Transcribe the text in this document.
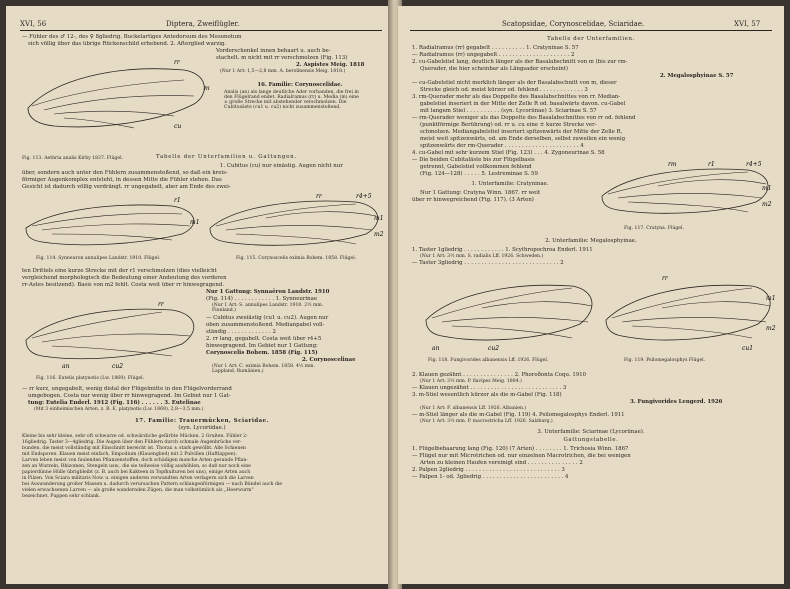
XVI, 56	Diptera, Zweiflügler.
— Fühler des ♂ 12-, des ♀ 8gliedrig. Buckelartiges Antedorsum des Mesonotum
sich völlig über das übrige Rückenschild erhebend. 2. Afterglied warzig.
Vorderschenkel innen behaart u. auch be-
stachelt. m nicht mit rr verschmolzen (Fig. 113)
2. Aspistes Meig. 1818
(Nur 1 Art: 1,5—2,8 mm. A. berolinensis Meig. 1818.)
rr
m
cu
16. Familie: Corynoscelidae.
Analis (an) als lange deutliche Ader vorhanden, die frei in
den Flügelrand endet. Radialramus (rr) u. Media (m) eine
± große Strecke mit abstehender verschmolzen. Die
Cubitusäste (cu1 u. cu2) nicht zusammenstoßend.
Fig. 113. Aethria analis Kirby 1837. Flügel.	Tabelle der Unterfamilien u. Gattungen.
1. Cubitus (cu) nur einästig. Augen nicht nur
über, sondern auch unter den Fühlern zusammenstoßend, so daß ein kreis-
förmiger Augenkomplex entsteht, in dessen Mitte die Fühler stehen. Das
Gesicht ist dadurch völlig verdrängt. rr ungegabelt, aber am Ende des zwei-
r1
m1
rr	r4+5
m1
m2
Fig. 114. Synneuron annulipes Landstr. 1910. Flügel.	Fig. 115. Corynoscelis eximia Bohem. 1858. Flügel.
ten Drittels eine kurze Strecke mit der r1 verschmolzen (dies vielleicht
vergleichend morphologisch die Bedeutung einer Andeutung des vorderen
rr-Astes besitzend). Basis von m2 fehlt. Costa weit über rr hinwegragend.
Nur 1 Gattung: Synnaëron Landstr. 1910
(Fig. 114) . . . . . . . . . . . . 1. Synneurinae
(Nur 1 Art: S. annulipes Landstr. 1910. 2½ mm.
Finnland.)
— Cubitus zweiästig (cu1 u. cu2). Augen nur
oben zusammenstoßend. Medianpabel voll-
ständig . . . . . . . . . . . . . 2
rr
an	cu2
2. rr lang, gegabelt. Costa weit über r4+5
hinwegragend. Im Gebiet nur 1 Gattung:
Corynoscelis Bohem. 1858 (Fig. 115)
2. Corynoscelinae
(Nur 1 Art: C. eximia Bohem. 1858. 4½ mm.
Lappland, Rumänien.)
Fig. 116. Eutelis platynotis (Lw. 1869). Flügel.
— rr kurz, ungegabelt, wenig distal der Flügelmitte in den Flügelvorderrand
umgebogen. Costa nur wenig über rr hinwegragend. Im Gebiet nur 1 Gat-
tung: Eutelia Enderl. 1912 (Fig. 116) . . . . . . 3. Eutelinae
(Mit 3 einheimischen Arten, z. B. E. platynotis (Lw. 1869), 2,8—3,5 mm.)
17. Familie: Trauermücken, Sciaridae.
(syn. Lycoriidae.)
Kleine bis sehr kleine, sehr oft schwarze od. schwärzliche gefärbte Mücken. 2 Grußen. Fühler 2-
16gliedrig. Taster 3—4gliedrig. Die Augen über den Fühlern durch schmale Augenbrücke ver-
bunden, die meist vollständig mit Einschnitt bereicht ist. Thorax ± stark gewölbt. Alle Schienen
mit Endsporen. Klauen meist einfach, Empodium (Klauenglied) mit 2 Pulvillen (Haftlappen).
Larven leben meist von faulenden Pflanzenstoffen, doch schädigen manche Arten gesunde Pflan-
zen an Wurzeln, Rhizomen, Stengeln usw., die sie teilweise völlig aushöhlen, so daß nur noch eine
papierdünne Hülle übrigbleibt (z. B. auch bei Kakteen in Topfkulturen bei uns), einige Arten auch
in Pilzen. Von Sciara militaris Now. u. einigen anderen verwandten Arten verlagern sich die Larven
bei Auswanderung großer Massen u. dadurch verursachen Pattern schlangenförmigen — nach Bündel auch die
vielen erwachsenen Larven — als große wandernden Zügen, die man volkstümlich als „Heerwurm“
bezeichnet. Puppen sehr schlank.
Scatopsidae, Corynoscelidae, Sciaridae.	XVI, 57
Tabelle der Unterfamilien.
1. Radialramus (rr) gegabelt . . . . . . . . . . 1. Cratyninae S. 57
— Radialramus (rr) ungegabelt . . . . . . . . . . . . . . . . . . . . . 2
2. cu-Gabelstiel lang, deutlich länger als der Basalabschnitt von m (bis zur rm-
Querader, die hier scheinbar als Längsader erscheint)
2. Megalosphyinae S. 57
— cu-Gabelstiel nicht merklich länger als der Basalabschnitt von m, dieser
Strecke gleich od. meist kürzer od. fehlend . . . . . . . . . . . . . 3
3. rm-Querader mehr als das Doppelte des Basalabschnittes von rr. Median-
gabelstiel inseriert in der Mitte der Zelle R od. basalwärts davon. cu-Gabel
mit langem Stiel . . . . . . . . . . (syn. Lycoriinae) 3. Sciarinae S. 57
— rm-Querader weniger als das Doppelte des Basalabschnittes von rr od. fehlend
(punktförmige Berührung) od. rr u. cu eine ± kurze Strecke ver-
schmolzen. Mediangabelstiel inseriert spitzenwärts der Mitte der Zelle R,
meist weit spitzenwärts, od. am Ende derselben, selbst zuweilen ein wenig
spitzenwärts der rm-Querader . . . . . . . . . . . . . . . . . . . . . . 4
4. cu-Gabel mit sehr kurzem Stiel (Fig. 123) . . . 4. Zygoneurinae S. 58
— Die beiden Cubitaläste bis zur Flügelbasis
getrennt, Gabelstiel vollkommen fehlend
(Fig. 124—128) . . . . . 5. Lestreminae S. 59
rm	r1	r4+5
m1
m2
1. Unterfamilie: Cratyninae.
Nur 1 Gattung: Cratyna Winn. 1867. rr weit
über rr hinwegreichend (Fig. 117). (3 Arten)
Fig. 117. Cratyna. Flügel.
2. Unterfamilie: Megalosphyinae.
1. Taster 1gliedrig . . . . . . . . . . . . 1. Scythropochroa Enderl. 1911
(Nur 1 Art: 3½ mm. S. radialis Lff. 1926. Schweden.)
— Taster 3gliedrig . . . . . . . . . . . . . . . . . . . . . . . . . . . . 2
an	cu2
rr
m1
m2
cu1
Fig. 118. Fungivorides albanensis Lff. 1926. Flügel.	Fig. 119. Psilomegalosphys Flügel.
2. Klauen gezähnt . . . . . . . . . . . . . . . 2. Phoroðonta Coqu. 1910
(Nur 1 Art: 3½ mm. P. flavipes Meig. 1804.)
— Klauen ungezähnt . . . . . . . . . . . . . . . . . . . . . . . . . . . 3
3. m-Stiel wesentlich kürzer als die m-Gabel (Fig. 118)
3. Fungivorides Lengerd. 1926
(Nur 1 Art: F. albanensis Lff. 1926. Albanien.)
— m-Stiel länger als die m-Gabel (Fig. 119) 4. Psilomegalosphys Enderl. 1911
(Nur 1 Art: 3½ mm. P. macrostricha Lff. 1926. Salzburg.)
3. Unterfamilie: Sciarinae (Lycoriinae).
Gattungstabelle.
1. Flügelbehaarung lang (Fig. 120) (7 Arten) . . . . . . . . 1. Trichosia Winn. 1867
— Flügel nur mit Microtrichen od. nur einzelnen Macrotrichen, die bei wenigen
Arten zu kleinen Haufen vereinigt sind . . . . . . . . . . . . . . . 2
2. Palpen 2gliedrig . . . . . . . . . . . . . . . . . . . . . . . . . . . . 3
— Palpen 1- od. 3gliedrig . . . . . . . . . . . . . . . . . . . . . . . . 4
